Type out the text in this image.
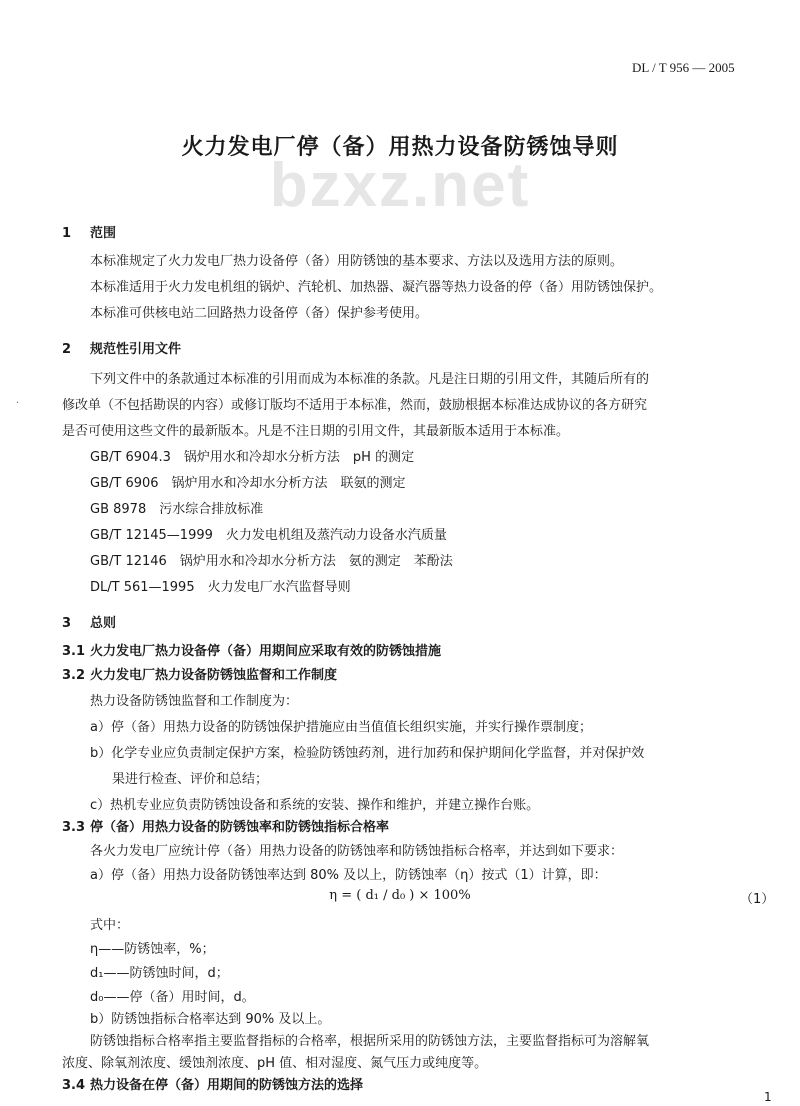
bzxz.net
DL / T 956 — 2005
火力发电厂停（备）用热力设备防锈蚀导则
1 范围
本标准规定了火力发电厂热力设备停（备）用防锈蚀的基本要求、方法以及选用方法的原则。
本标准适用于火力发电机组的锅炉、汽轮机、加热器、凝汽器等热力设备的停（备）用防锈蚀保护。
本标准可供核电站二回路热力设备停（备）保护参考使用。
2 规范性引用文件
·
下列文件中的条款通过本标准的引用而成为本标准的条款。凡是注日期的引用文件，其随后所有的
修改单（不包括勘误的内容）或修订版均不适用于本标准，然而，鼓励根据本标准达成协议的各方研究
是否可使用这些文件的最新版本。凡是不注日期的引用文件，其最新版本适用于本标准。
GB/T 6904.3　锅炉用水和冷却水分析方法　pH 的测定
GB/T 6906　锅炉用水和冷却水分析方法　联氨的测定
GB 8978　污水综合排放标准
GB/T 12145—1999　火力发电机组及蒸汽动力设备水汽质量
GB/T 12146　锅炉用水和冷却水分析方法　氨的测定　苯酚法
DL/T 561—1995　火力发电厂水汽监督导则
3 总则
3.1 火力发电厂热力设备停（备）用期间应采取有效的防锈蚀措施
3.2 火力发电厂热力设备防锈蚀监督和工作制度
热力设备防锈蚀监督和工作制度为：
a）停（备）用热力设备的防锈蚀保护措施应由当值值长组织实施，并实行操作票制度；
b）化学专业应负责制定保护方案，检验防锈蚀药剂，进行加药和保护期间化学监督，并对保护效
果进行检查、评价和总结；
c）热机专业应负责防锈蚀设备和系统的安装、操作和维护，并建立操作台账。
3.3 停（备）用热力设备的防锈蚀率和防锈蚀指标合格率
各火力发电厂应统计停（备）用热力设备的防锈蚀率和防锈蚀指标合格率，并达到如下要求：
a）停（备）用热力设备防锈蚀率达到 80% 及以上，防锈蚀率（η）按式（1）计算，即：
η = ( d₁ / d₀ ) × 100%	（1）
式中：
η——防锈蚀率，%；
d₁——防锈蚀时间，d；
d₀——停（备）用时间，d。
b）防锈蚀指标合格率达到 90% 及以上。
防锈蚀指标合格率指主要监督指标的合格率，根据所采用的防锈蚀方法，主要监督指标可为溶解氧
浓度、除氧剂浓度、缓蚀剂浓度、pH 值、相对湿度、氮气压力或纯度等。
3.4 热力设备在停（备）用期间的防锈蚀方法的选择
1
